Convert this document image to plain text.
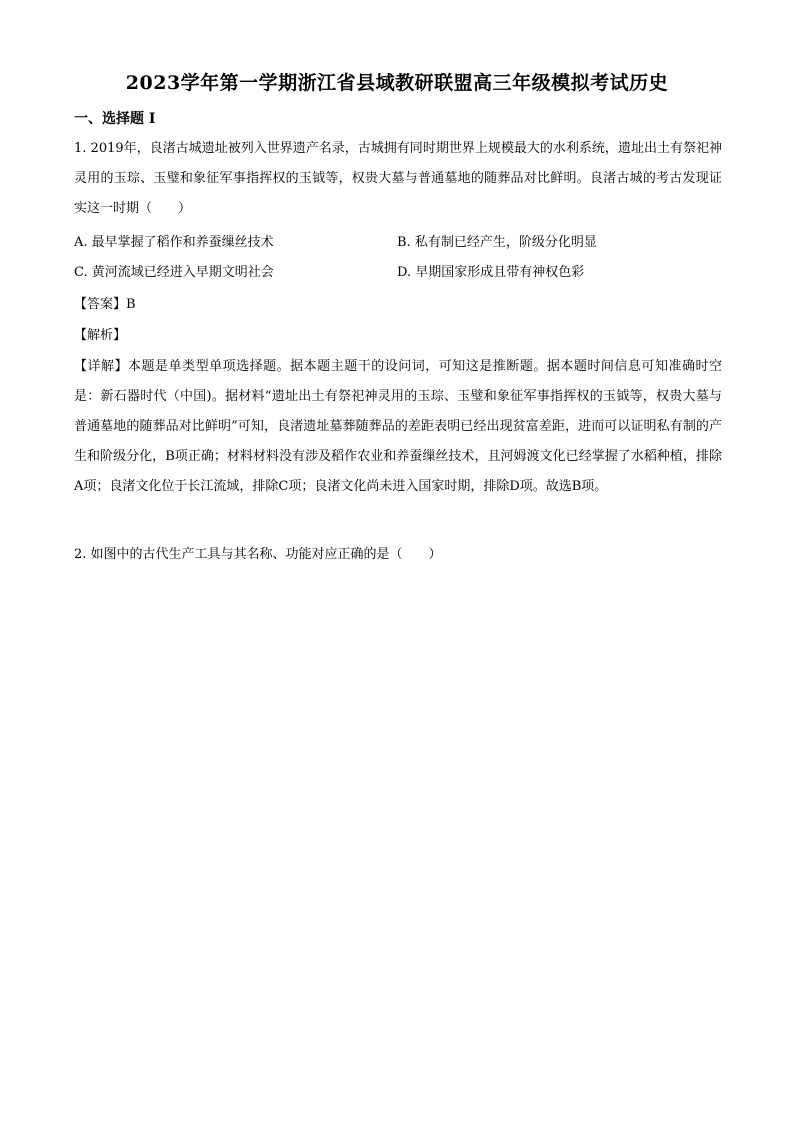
2023学年第一学期浙江省县域教研联盟高三年级模拟考试历史
一、选择题 I
1. 2019年，良渚古城遗址被列入世界遗产名录，古城拥有同时期世界上规模最大的水利系统，遗址出土有祭祀神灵用的玉琮、玉璧和象征军事指挥权的玉钺等，权贵大墓与普通墓地的随葬品对比鲜明。良渚古城的考古发现证实这一时期（　　）
A. 最早掌握了稻作和养蚕缫丝技术	B. 私有制已经产生，阶级分化明显
C. 黄河流域已经进入早期文明社会	D. 早期国家形成且带有神权色彩
【答案】B
【解析】
【详解】本题是单类型单项选择题。据本题主题干的设问词，可知这是推断题。据本题时间信息可知准确时空是：新石器时代（中国)。据材料“遗址出土有祭祀神灵用的玉琮、玉璧和象征军事指挥权的玉钺等，权贵大墓与普通墓地的随葬品对比鲜明”可知，良渚遗址墓葬随葬品的差距表明已经出现贫富差距，进而可以证明私有制的产生和阶级分化，B项正确；材料材料没有涉及稻作农业和养蚕缫丝技术，且河姆渡文化已经掌握了水稻种植，排除A项；良渚文化位于长江流域，排除C项；良渚文化尚未进入国家时期，排除D项。故选B项。
2. 如图中的古代生产工具与其名称、功能对应正确的是（　　）
